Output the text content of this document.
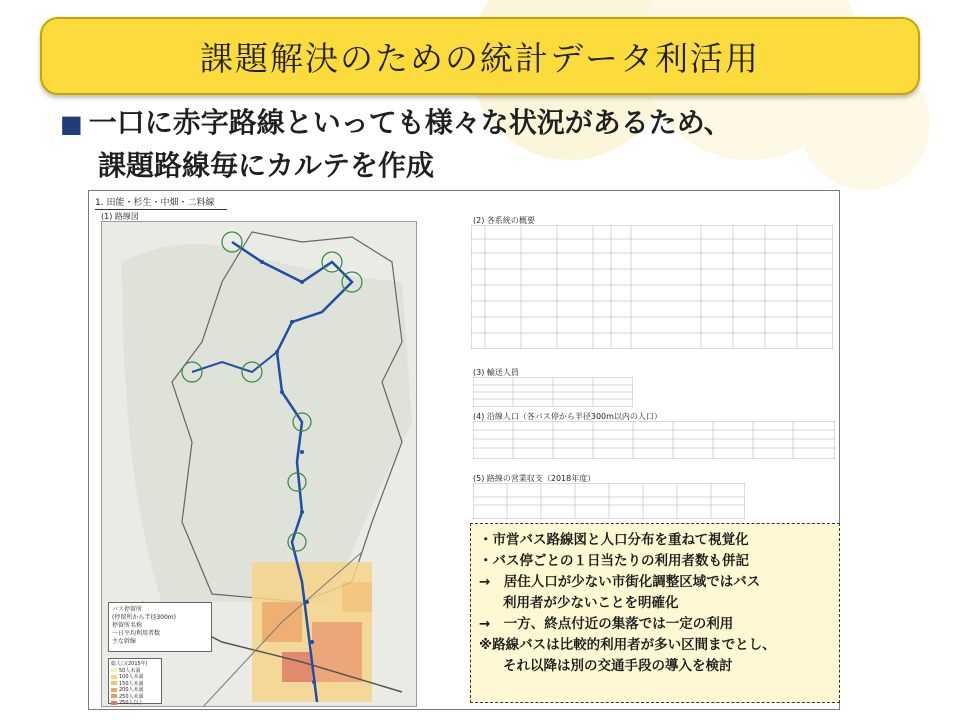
課題解決のための統計データ利活用
■ 一口に赤字路線といっても様々な状況があるため、
課題路線毎にカルテを作成
1. 田能・杉生・中畑・二料線
(1) 路線図
バス停留所
(停留所から半径300m)
停留所名称
一日平均利用者数
主な幹線
総人口(2015年)
50人未満
100人未満
150人未満
200人未満
250人未満
250人以上
(2) 各系統の概要
(3) 輸送人員
(4) 沿線人口（各バス停から半径300m以内の人口）
(5) 路線の営業収支（2018年度）
・市営バス路線図と人口分布を重ねて視覚化
・バス停ごとの１日当たりの利用者数も併記
→　居住人口が少ない市街化調整区域ではバス
利用者が少ないことを明確化
→　一方、終点付近の集落では一定の利用
※路線バスは比較的利用者が多い区間までとし、
それ以降は別の交通手段の導入を検討
